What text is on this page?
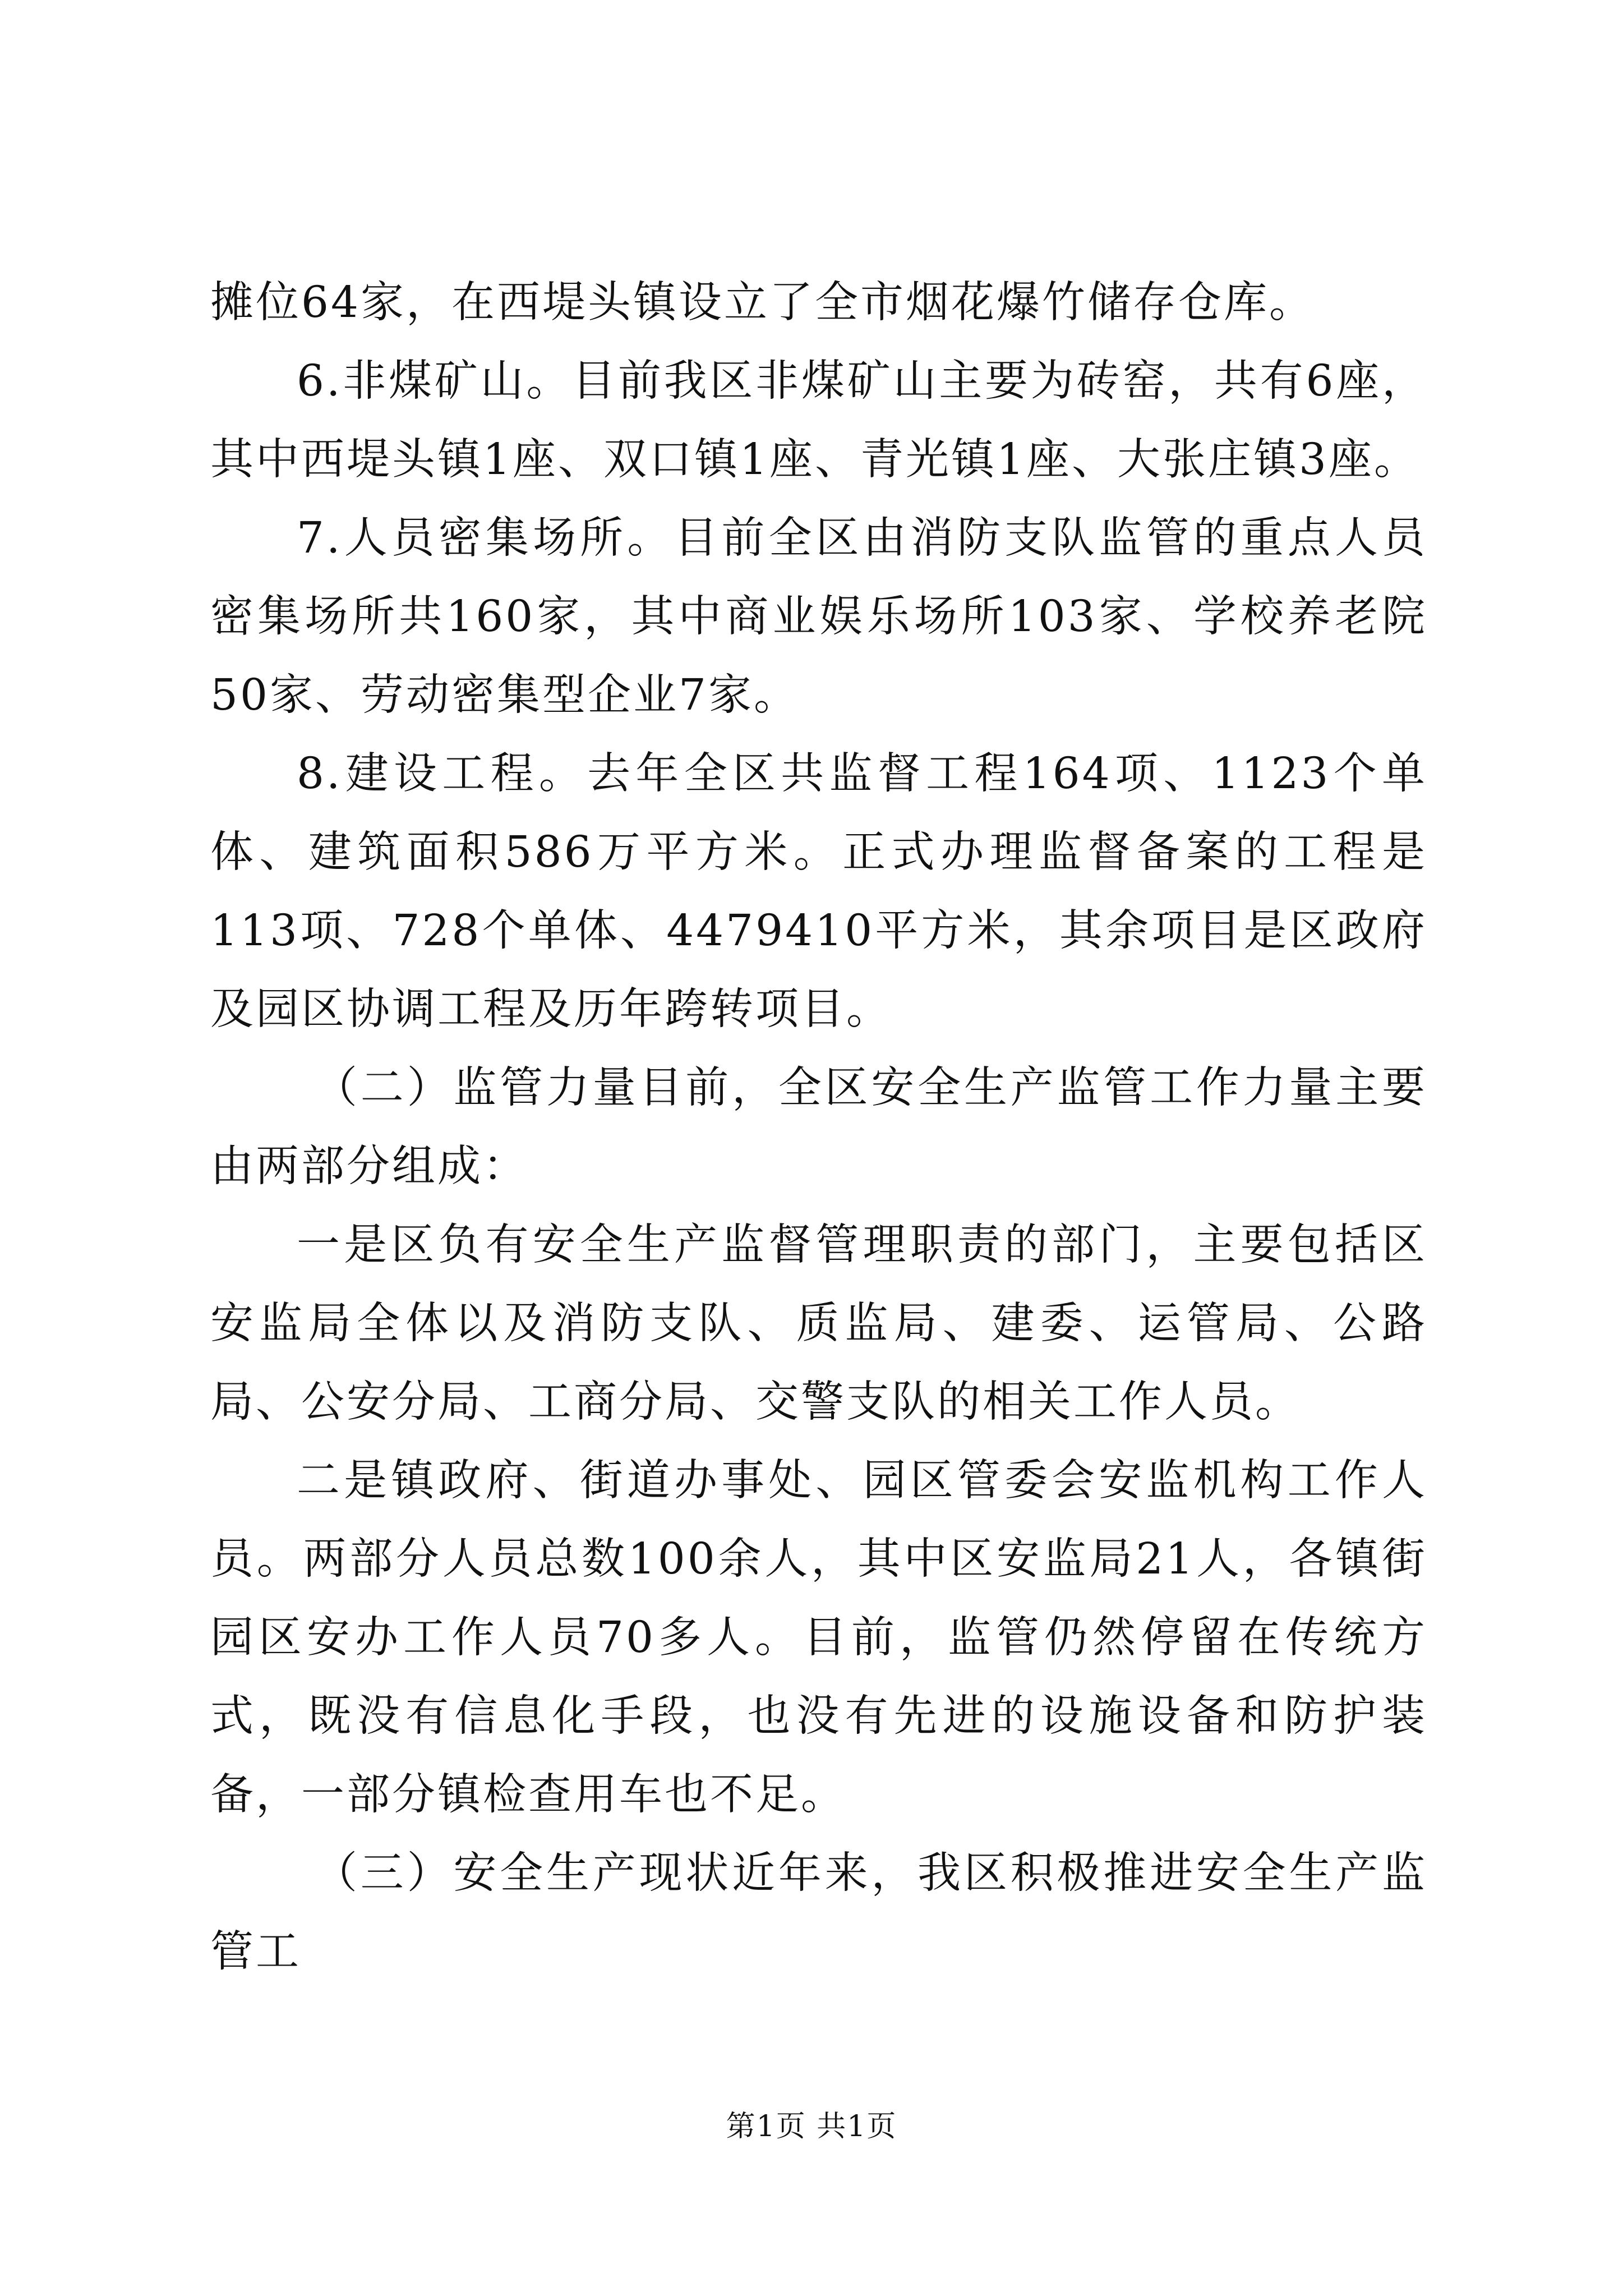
摊位64家，在西堤头镇设立了全市烟花爆竹储存仓库。

6.非煤矿山。目前我区非煤矿山主要为砖窑，共有6座，其中西堤头镇1座、双口镇1座、青光镇1座、大张庄镇3座。

7.人员密集场所。目前全区由消防支队监管的重点人员密集场所共160家，其中商业娱乐场所103家、学校养老院50家、劳动密集型企业7家。

8.建设工程。去年全区共监督工程164项、1123个单体、建筑面积586万平方米。正式办理监督备案的工程是113项、728个单体、4479410平方米，其余项目是区政府及园区协调工程及历年跨转项目。

（二）监管力量目前，全区安全生产监管工作力量主要由两部分组成：

一是区负有安全生产监督管理职责的部门，主要包括区安监局全体以及消防支队、质监局、建委、运管局、公路局、公安分局、工商分局、交警支队的相关工作人员。

二是镇政府、街道办事处、园区管委会安监机构工作人员。两部分人员总数100余人，其中区安监局21人，各镇街园区安办工作人员70多人。目前，监管仍然停留在传统方式，既没有信息化手段，也没有先进的设施设备和防护装备，一部分镇检查用车也不足。

（三）安全生产现状近年来，我区积极推进安全生产监管工

第1页 共1页
